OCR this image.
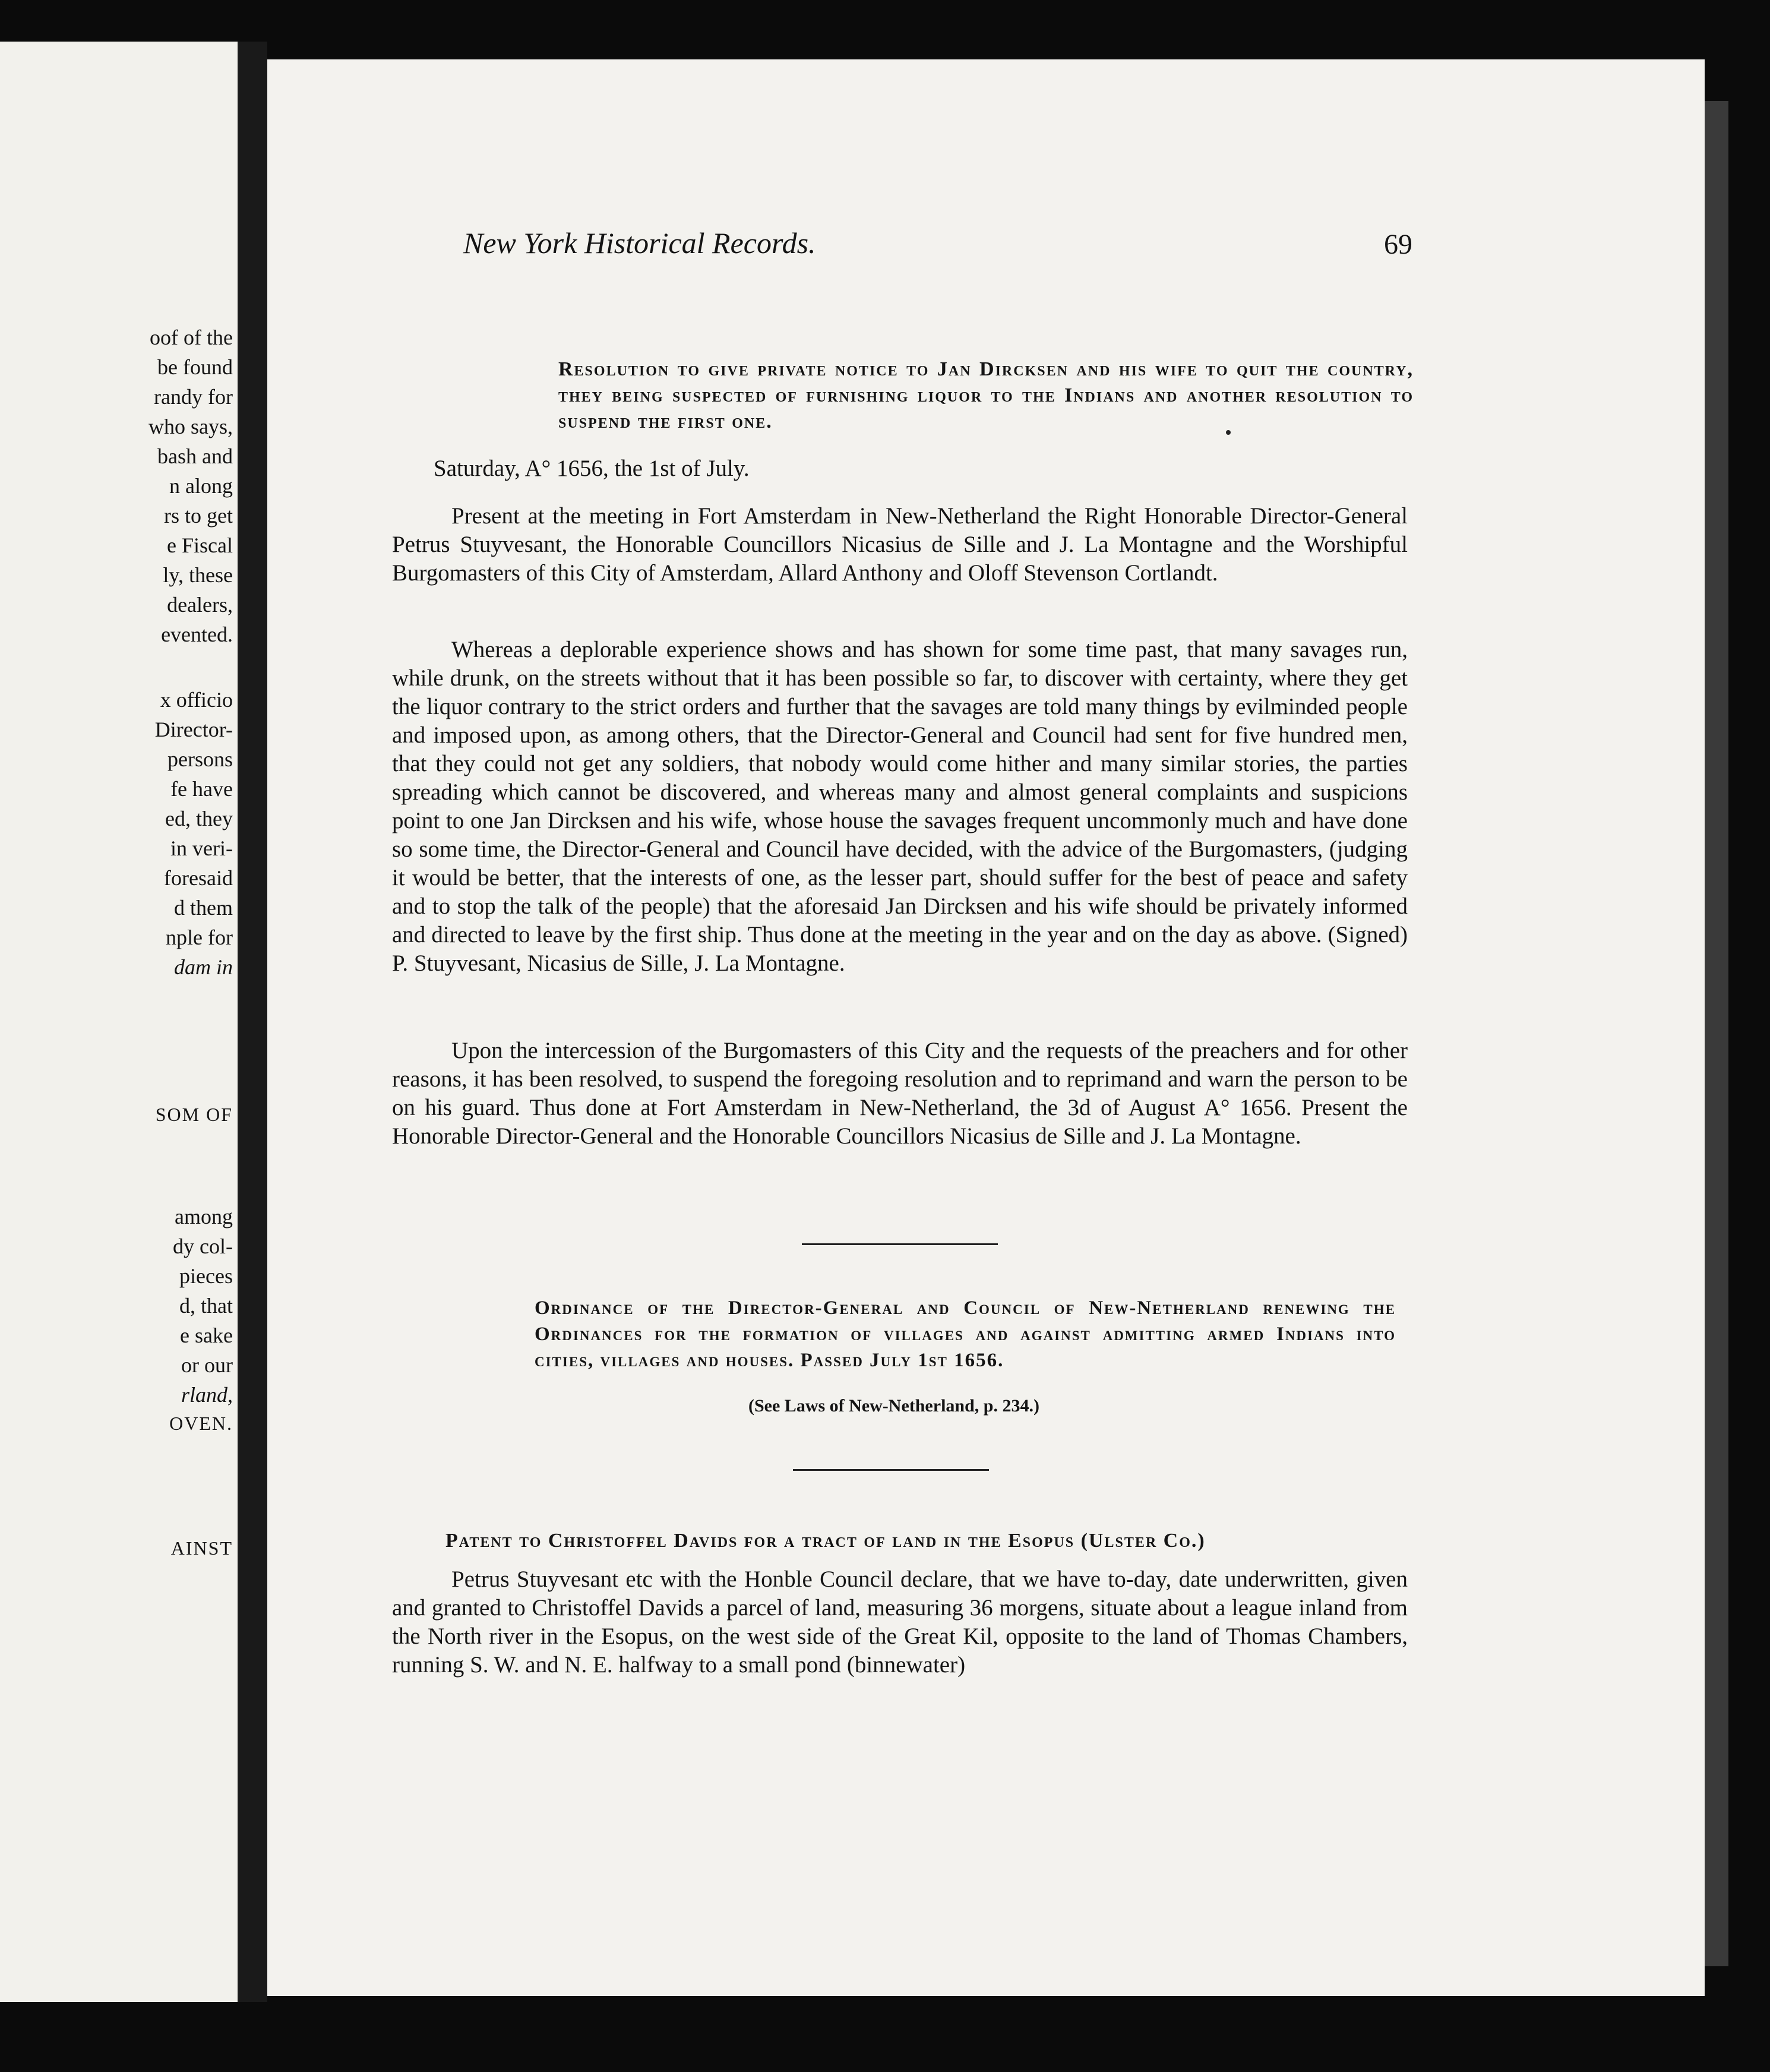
oof of the
be found
randy for
who says,
bash and
n along
rs to get
e Fiscal
ly, these
dealers,
evented.
x officio
Director-
persons
fe have
ed, they
in veri-
foresaid
d them
nple for
dam in
SOM OF
among
dy col-
pieces
d, that
e sake
or our
rland,
OVEN.
AINST
New York Historical Records.	69
Resolution to give private notice to Jan Dircksen and his wife to quit the country, they being suspected of furnishing liquor to the Indians and another resolution to suspend the first one.
Saturday, A° 1656, the 1st of July.
Present at the meeting in Fort Amsterdam in New-Netherland the Right Honorable Director-General Petrus Stuyvesant, the Honorable Councillors Nicasius de Sille and J. La Montagne and the Worshipful Burgomasters of this City of Amsterdam, Allard Anthony and Oloff Stevenson Cortlandt.
Whereas a deplorable experience shows and has shown for some time past, that many savages run, while drunk, on the streets without that it has been possible so far, to discover with certainty, where they get the liquor contrary to the strict orders and further that the savages are told many things by evilminded people and imposed upon, as among others, that the Director-General and Council had sent for five hundred men, that they could not get any soldiers, that nobody would come hither and many similar stories, the parties spreading which cannot be discovered, and whereas many and almost general complaints and suspicions point to one Jan Dircksen and his wife, whose house the savages frequent uncommonly much and have done so some time, the Director-General and Council have decided, with the advice of the Burgomasters, (judging it would be better, that the interests of one, as the lesser part, should suffer for the best of peace and safety and to stop the talk of the people) that the aforesaid Jan Dircksen and his wife should be privately informed and directed to leave by the first ship. Thus done at the meeting in the year and on the day as above. (Signed) P. Stuyvesant, Nicasius de Sille, J. La Montagne.
Upon the intercession of the Burgomasters of this City and the requests of the preachers and for other reasons, it has been resolved, to suspend the foregoing resolution and to reprimand and warn the person to be on his guard. Thus done at Fort Amsterdam in New-Netherland, the 3d of August A° 1656. Present the Honorable Director-General and the Honorable Councillors Nicasius de Sille and J. La Montagne.
Ordinance of the Director-General and Council of New-Netherland renewing the Ordinances for the formation of villages and against admitting armed Indians into cities, villages and houses. Passed July 1st 1656.
(See Laws of New-Netherland, p. 234.)
Patent to Christoffel Davids for a tract of land in the Esopus (Ulster Co.)
Petrus Stuyvesant etc with the Honble Council declare, that we have to-day, date underwritten, given and granted to Christoffel Davids a parcel of land, measuring 36 morgens, situate about a league inland from the North river in the Esopus, on the west side of the Great Kil, opposite to the land of Thomas Chambers, running S. W. and N. E. halfway to a small pond (binnewater)
